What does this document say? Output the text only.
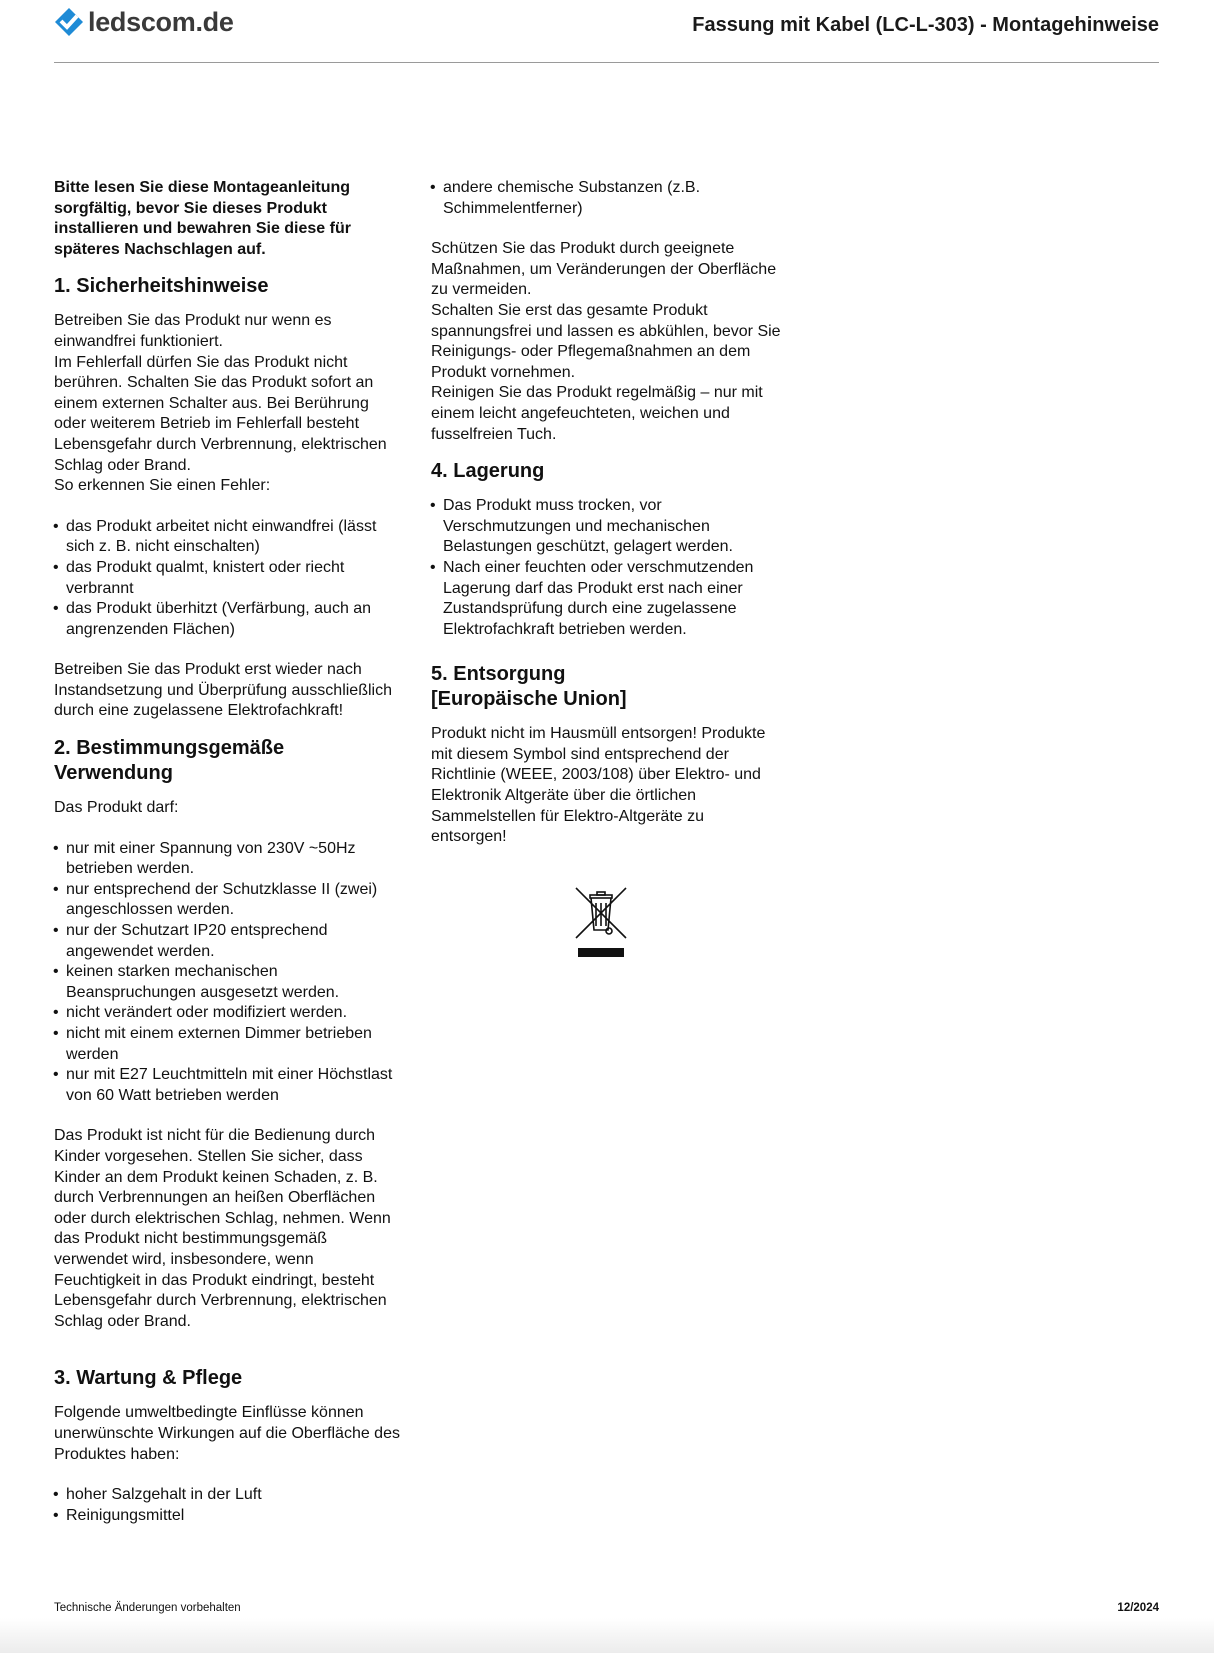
ledscom.de	Fassung mit Kabel (LC-L-303) - Montagehinweise

Bitte lesen Sie diese Montageanleitung sorgfältig, bevor Sie dieses Produkt installieren und bewahren Sie diese für späteres Nachschlagen auf.

1. Sicherheitshinweise

Betreiben Sie das Produkt nur wenn es einwandfrei funktioniert.

Im Fehlerfall dürfen Sie das Produkt nicht berühren. Schalten Sie das Produkt sofort an einem externen Schalter aus. Bei Berührung oder weiterem Betrieb im Fehlerfall besteht Lebensgefahr durch Verbrennung, elektrischen Schlag oder Brand.

So erkennen Sie einen Fehler:

• das Produkt arbeitet nicht einwandfrei (lässt sich z. B. nicht einschalten)
• das Produkt qualmt, knistert oder riecht verbrannt
• das Produkt überhitzt (Verfärbung, auch an angrenzenden Flächen)

Betreiben Sie das Produkt erst wieder nach Instandsetzung und Überprüfung ausschließlich durch eine zugelassene Elektrofachkraft!

2. Bestimmungsgemäße
Verwendung

Das Produkt darf:

• nur mit einer Spannung von 230V ~50Hz betrieben werden.
• nur entsprechend der Schutzklasse II (zwei) angeschlossen werden.
• nur der Schutzart IP20 entsprechend angewendet werden.
• keinen starken mechanischen Beanspruchungen ausgesetzt werden.
• nicht verändert oder modifiziert werden.
• nicht mit einem externen Dimmer betrieben werden
• nur mit E27 Leuchtmitteln mit einer Höchstlast von 60 Watt betrieben werden

Das Produkt ist nicht für die Bedienung durch Kinder vorgesehen. Stellen Sie sicher, dass Kinder an dem Produkt keinen Schaden, z. B. durch Verbrennungen an heißen Oberflächen oder durch elektrischen Schlag, nehmen. Wenn das Produkt nicht bestimmungsgemäß verwendet wird, insbesondere, wenn Feuchtigkeit in das Produkt eindringt, besteht Lebensgefahr durch Verbrennung, elektrischen Schlag oder Brand.

3. Wartung & Pflege

Folgende umweltbedingte Einflüsse können unerwünschte Wirkungen auf die Oberfläche des Produktes haben:

• hoher Salzgehalt in der Luft
• Reinigungsmittel
• andere chemische Substanzen (z.B. Schimmelentferner)

Schützen Sie das Produkt durch geeignete Maßnahmen, um Veränderungen der Oberfläche zu vermeiden.

Schalten Sie erst das gesamte Produkt spannungsfrei und lassen es abkühlen, bevor Sie Reinigungs- oder Pflegemaßnahmen an dem Produkt vornehmen.

Reinigen Sie das Produkt regelmäßig – nur mit einem leicht angefeuchteten, weichen und fusselfreien Tuch.

4. Lagerung
• Das Produkt muss trocken, vor Verschmutzungen und mechanischen Belastungen geschützt, gelagert werden.
• Nach einer feuchten oder verschmutzenden Lagerung darf das Produkt erst nach einer Zustandsprüfung durch eine zugelassene Elektrofachkraft betrieben werden.
5. Entsorgung
[Europäische Union]

Produkt nicht im Hausmüll entsorgen! Produkte mit diesem Symbol sind entsprechend der Richtlinie (WEEE, 2003/108) über Elektro- und Elektronik Altgeräte über die örtlichen Sammelstellen für Elektro-Altgeräte zu entsorgen!

Technische Änderungen vorbehalten	12/2024
